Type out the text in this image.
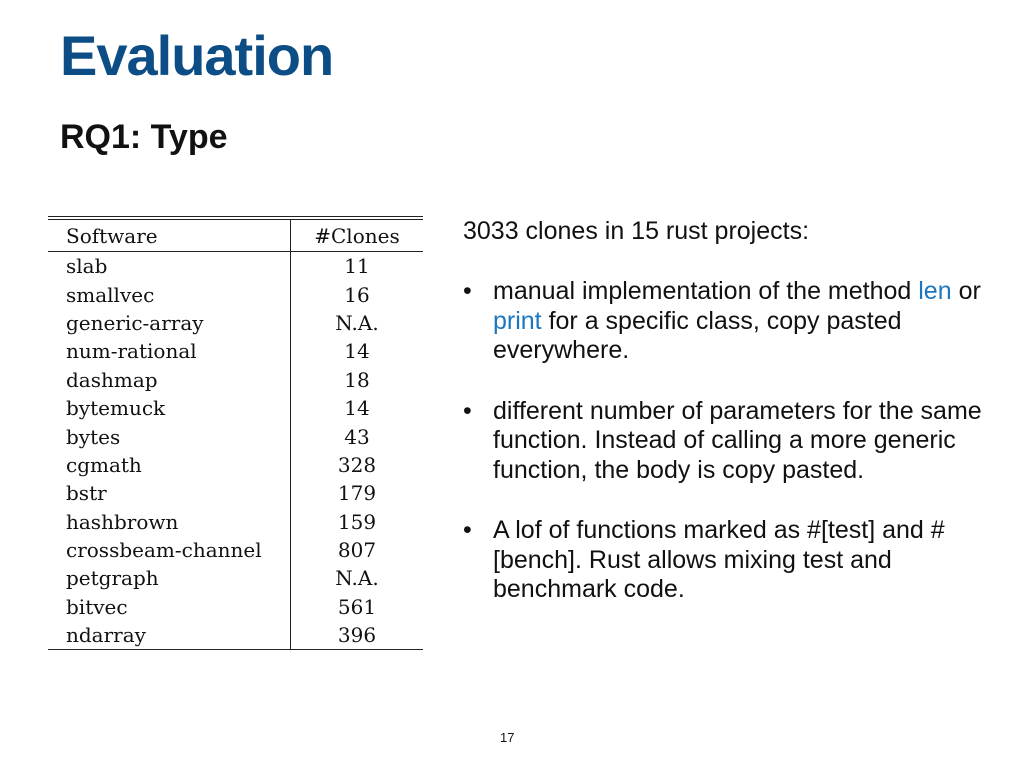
Evaluation
RQ1: Type
Software	#Clones
slab	11
smallvec	16
generic-array	N.A.
num-rational	14
dashmap	18
bytemuck	14
bytes	43
cgmath	328
bstr	179
hashbrown	159
crossbeam-channel	807
petgraph	N.A.
bitvec	561
ndarray	396
3033 clones in 15 rust projects:
• manual implementation of the method len or print for a specific class, copy pasted everywhere.
• different number of parameters for the same function. Instead of calling a more generic function, the body is copy pasted.
• A lof of functions marked as #[test] and #[bench]. Rust allows mixing test and benchmark code.
17
